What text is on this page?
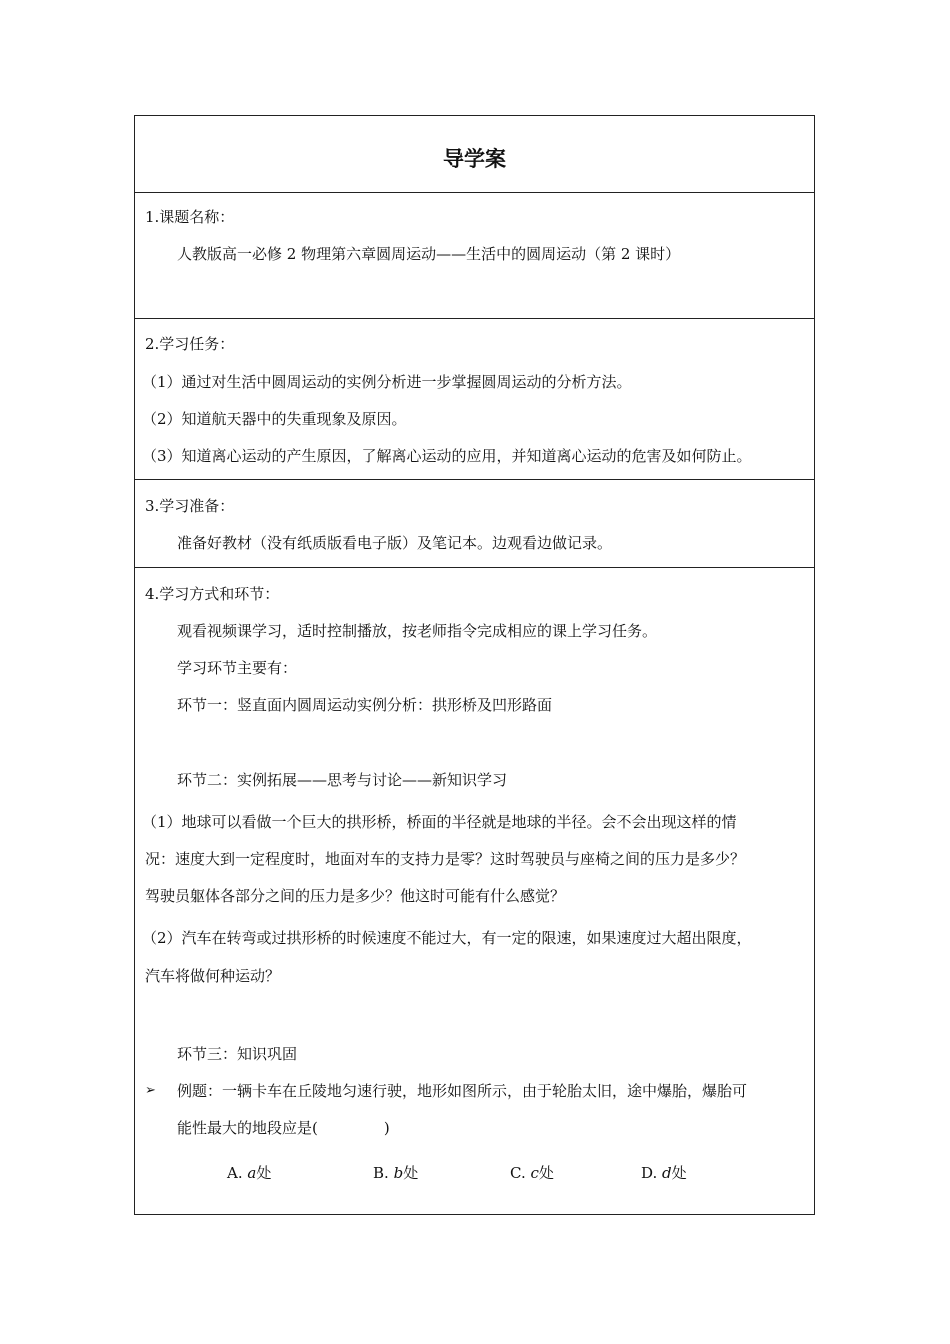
导学案
1.课题名称：
人教版高一必修 2 物理第六章圆周运动——生活中的圆周运动（第 2 课时）
2.学习任务：
（1）通过对生活中圆周运动的实例分析进一步掌握圆周运动的分析方法。
（2）知道航天器中的失重现象及原因。
（3）知道离心运动的产生原因，了解离心运动的应用，并知道离心运动的危害及如何防止。
3.学习准备：
准备好教材（没有纸质版看电子版）及笔记本。边观看边做记录。
4.学习方式和环节：
观看视频课学习，适时控制播放，按老师指令完成相应的课上学习任务。
学习环节主要有：
环节一：竖直面内圆周运动实例分析：拱形桥及凹形路面
环节二：实例拓展——思考与讨论——新知识学习
（1）地球可以看做一个巨大的拱形桥，桥面的半径就是地球的半径。会不会出现这样的情
况：速度大到一定程度时，地面对车的支持力是零？这时驾驶员与座椅之间的压力是多少？
驾驶员躯体各部分之间的压力是多少？他这时可能有什么感觉？
（2）汽车在转弯或过拱形桥的时候速度不能过大，有一定的限速，如果速度过大超出限度，
汽车将做何种运动？
环节三：知识巩固
➢ 例题：一辆卡车在丘陵地匀速行驶，地形如图所示，由于轮胎太旧，途中爆胎，爆胎可
能性最大的地段应是(	)
A. a处	B. b处	C. c处	D. d处
